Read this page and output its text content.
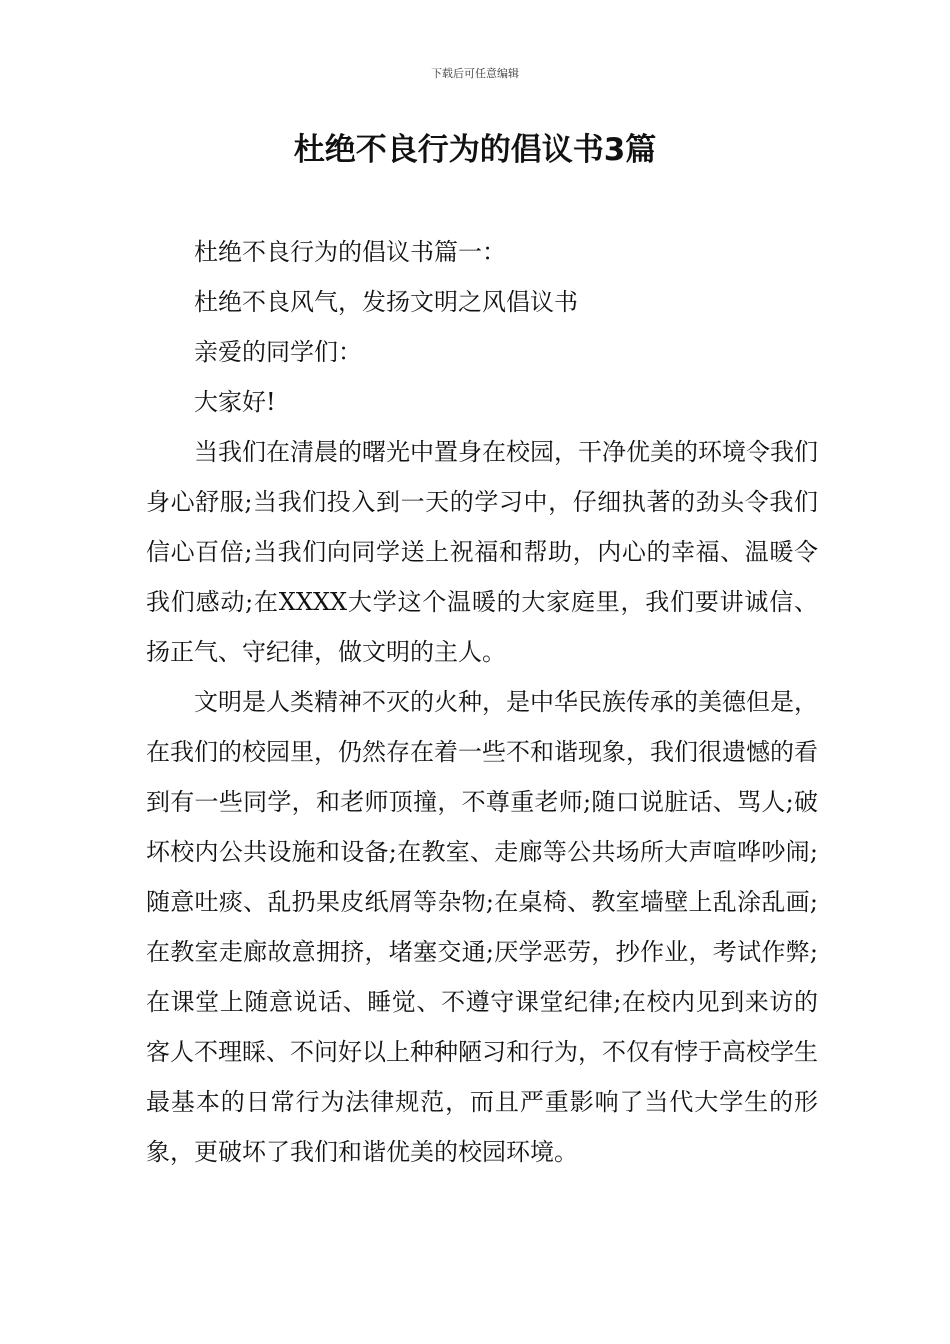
下载后可任意编辑
杜绝不良行为的倡议书3篇

杜绝不良行为的倡议书篇一：

杜绝不良风气，发扬文明之风倡议书

亲爱的同学们：

大家好!

当我们在清晨的曙光中置身在校园，干净优美的环境令我们身心舒服;当我们投入到一天的学习中，仔细执著的劲头令我们信心百倍;当我们向同学送上祝福和帮助，内心的幸福、温暖令我们感动;在XXXX大学这个温暖的大家庭里，我们要讲诚信、扬正气、守纪律，做文明的主人。

文明是人类精神不灭的火种，是中华民族传承的美德但是，在我们的校园里，仍然存在着一些不和谐现象，我们很遗憾的看到有一些同学，和老师顶撞，不尊重老师;随口说脏话、骂人;破坏校内公共设施和设备;在教室、走廊等公共场所大声喧哗吵闹;随意吐痰、乱扔果皮纸屑等杂物;在桌椅、教室墙壁上乱涂乱画;在教室走廊故意拥挤，堵塞交通;厌学恶劳，抄作业，考试作弊;在课堂上随意说话、睡觉、不遵守课堂纪律;在校内见到来访的客人不理睬、不问好以上种种陋习和行为，不仅有悖于高校学生最基本的日常行为法律规范，而且严重影响了当代大学生的形象，更破坏了我们和谐优美的校园环境。
